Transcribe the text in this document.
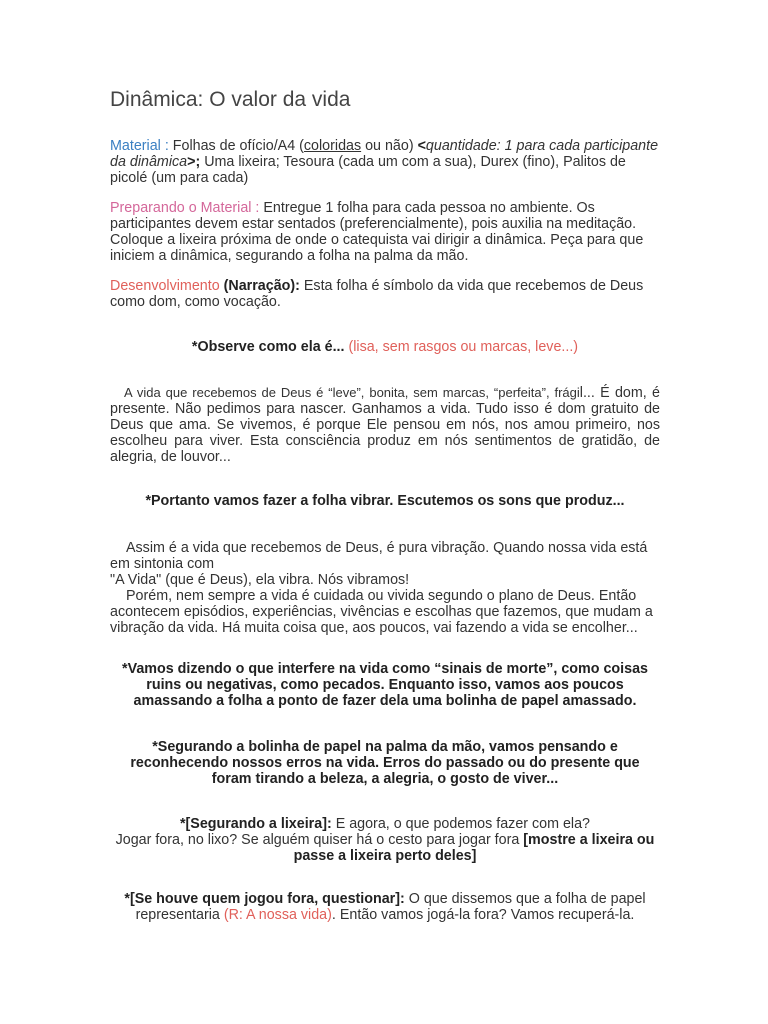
Dinâmica: O valor da vida

Material : Folhas de ofício/A4 (coloridas ou não) <quantidade: 1 para cada participante da dinâmica>; Uma lixeira; Tesoura (cada um com a sua), Durex (fino), Palitos de picolé (um para cada)

Preparando o Material : Entregue 1 folha para cada pessoa no ambiente. Os participantes devem estar sentados (preferencialmente), pois auxilia na meditação. Coloque a lixeira próxima de onde o catequista vai dirigir a dinâmica. Peça para que iniciem a dinâmica, segurando a folha na palma da mão.

Desenvolvimento (Narração): Esta folha é símbolo da vida que recebemos de Deus como dom, como vocação.

*Observe como ela é... (lisa, sem rasgos ou marcas, leve...)

A vida que recebemos de Deus é “leve”, bonita, sem marcas, “perfeita”, frágil... É dom, é presente. Não pedimos para nascer. Ganhamos a vida. Tudo isso é dom gratuito de Deus que ama. Se vivemos, é porque Ele pensou em nós, nos amou primeiro, nos escolheu para viver. Esta consciência produz em nós sentimentos de gratidão, de alegria, de louvor...

*Portanto vamos fazer a folha vibrar. Escutemos os sons que produz...

Assim é a vida que recebemos de Deus, é pura vibração. Quando nossa vida está em sintonia com
"A Vida" (que é Deus), ela vibra. Nós vibramos!
Porém, nem sempre a vida é cuidada ou vivida segundo o plano de Deus. Então acontecem episódios, experiências, vivências e escolhas que fazemos, que mudam a vibração da vida. Há muita coisa que, aos poucos, vai fazendo a vida se encolher...

*Vamos dizendo o que interfere na vida como “sinais de morte”, como coisas ruins ou negativas, como pecados. Enquanto isso, vamos aos poucos amassando a folha a ponto de fazer dela uma bolinha de papel amassado.

*Segurando a bolinha de papel na palma da mão, vamos pensando e reconhecendo nossos erros na vida. Erros do passado ou do presente que foram tirando a beleza, a alegria, o gosto de viver...

*[Segurando a lixeira]: E agora, o que podemos fazer com ela?
Jogar fora, no lixo? Se alguém quiser há o cesto para jogar fora [mostre a lixeira ou passe a lixeira perto deles]

*[Se houve quem jogou fora, questionar]: O que dissemos que a folha de papel representaria (R: A nossa vida). Então vamos jogá-la fora? Vamos recuperá-la.
